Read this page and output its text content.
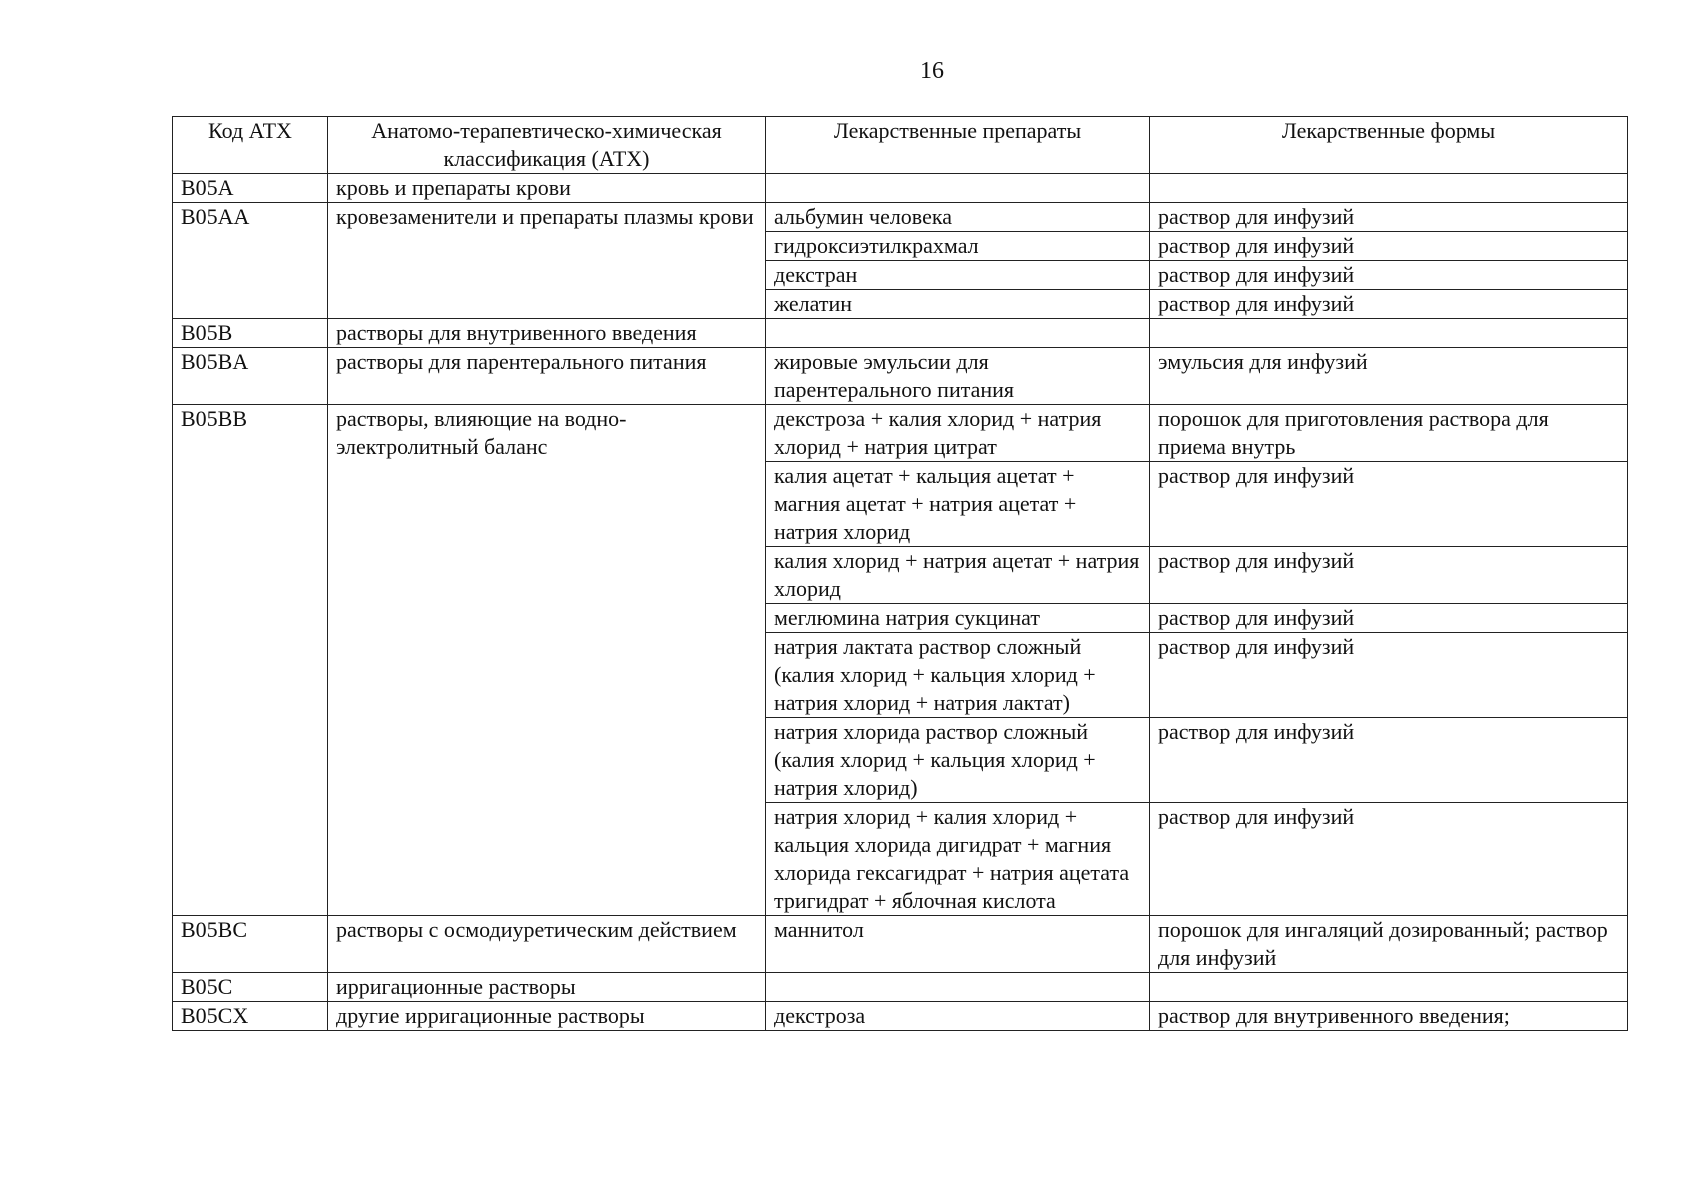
16
Код АТХ	Анатомо-терапевтическо-химическая классификация (АТХ)	Лекарственные препараты	Лекарственные формы
B05A	кровь и препараты крови		
B05AA	кровезаменители и препараты плазмы крови	альбумин человека	раствор для инфузий
		гидроксиэтилкрахмал	раствор для инфузий
		декстран	раствор для инфузий
		желатин	раствор для инфузий
B05B	растворы для внутривенного введения		
B05BA	растворы для парентерального питания	жировые эмульсии для парентерального питания	эмульсия для инфузий
B05BB	растворы, влияющие на водно-электролитный баланс	декстроза + калия хлорид + натрия хлорид + натрия цитрат	порошок для приготовления раствора для приема внутрь
		калия ацетат + кальция ацетат + магния ацетат + натрия ацетат + натрия хлорид	раствор для инфузий
		калия хлорид + натрия ацетат + натрия хлорид	раствор для инфузий
		меглюмина натрия сукцинат	раствор для инфузий
		натрия лактата раствор сложный (калия хлорид + кальция хлорид + натрия хлорид + натрия лактат)	раствор для инфузий
		натрия хлорида раствор сложный (калия хлорид + кальция хлорид + натрия хлорид)	раствор для инфузий
		натрия хлорид + калия хлорид + кальция хлорида дигидрат + магния хлорида гексагидрат + натрия ацетата тригидрат + яблочная кислота	раствор для инфузий
B05BC	растворы с осмодиуретическим действием	маннитол	порошок для ингаляций дозированный; раствор для инфузий
B05C	ирригационные растворы		
B05CX	другие ирригационные растворы	декстроза	раствор для внутривенного введения;
